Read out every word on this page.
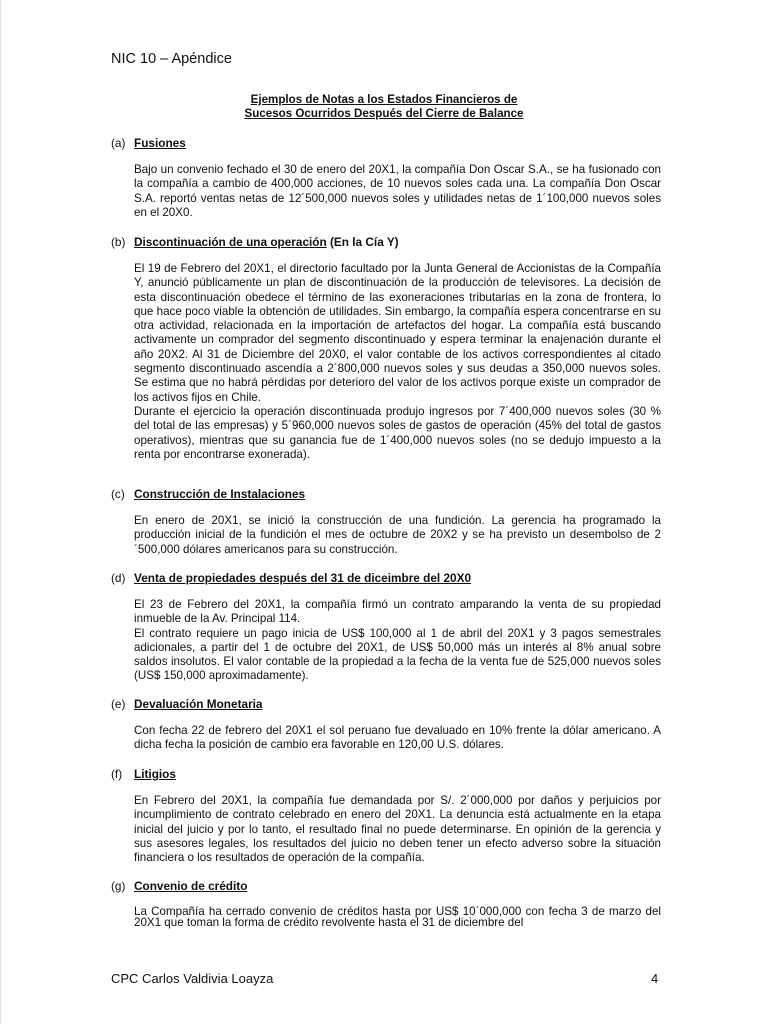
NIC 10 – Apéndice
Ejemplos de Notas a los Estados Financieros de
Sucesos Ocurridos Después del Cierre de Balance
(a) Fusiones

Bajo un convenio fechado el 30 de enero del 20X1, la compañía Don Oscar S.A., se ha fusionado con la compañía a cambio de 400,000 acciones, de 10 nuevos soles cada una. La compañía Don Oscar S.A. reportó ventas netas de 12´500,000 nuevos soles y utilidades netas de 1´100,000 nuevos soles en el 20X0.

(b) Discontinuación de una operación (En la Cía Y)

El 19 de Febrero del 20X1, el directorio facultado por la Junta General de Accionistas de la Compañía Y, anunció públicamente un plan de discontinuación de la producción de televisores. La decisión de esta discontinuación obedece el término de las exoneraciones tributarias en la zona de frontera, lo que hace poco viable la obtención de utilidades. Sin embargo, la compañía espera concentrarse en su otra actividad, relacionada en la importación de artefactos del hogar. La compañía está buscando activamente un comprador del segmento discontinuado y espera terminar la enajenación durante el año 20X2. Al 31 de Diciembre del 20X0, el valor contable de los activos correspondientes al citado segmento discontinuado ascendía a 2´800,000 nuevos soles y sus deudas a 350,000 nuevos soles. Se estima que no habrá pérdidas por deterioro del valor de los activos porque existe un comprador de los activos fijos en Chile.

Durante el ejercicio la operación discontinuada produjo ingresos por 7´400,000 nuevos soles (30 % del total de las empresas) y 5´960,000 nuevos soles de gastos de operación (45% del total de gastos operativos), mientras que su ganancia fue de 1´400,000 nuevos soles (no se dedujo impuesto a la renta por encontrarse exonerada).

(c) Construcción de Instalaciones

En enero de 20X1, se inició la construcción de una fundición. La gerencia ha programado la producción inicial de la fundición el mes de octubre de 20X2 y se ha previsto un desembolso de 2´500,000 dólares americanos para su construcción.

(d) Venta de propiedades después del 31 de diceimbre del 20X0

El 23 de Febrero del 20X1, la compañía firmó un contrato amparando la venta de su propiedad inmueble de la Av. Principal 114.

El contrato requiere un pago inicia de US$ 100,000 al 1 de abril del 20X1 y 3 pagos semestrales adicionales, a partir del 1 de octubre del 20X1, de US$ 50,000 más un interés al 8% anual sobre saldos insolutos. El valor contable de la propiedad a la fecha de la venta fue de 525,000 nuevos soles (US$ 150,000 aproximadamente).

(e) Devaluación Monetaria

Con fecha 22 de febrero del 20X1 el sol peruano fue devaluado en 10% frente la dólar americano. A dicha fecha la posición de cambio era favorable en 120,00 U.S. dólares.

(f) Litigios

En Febrero del 20X1, la compañía fue demandada por S/. 2´000,000 por daños y perjuicios por incumplimiento de contrato celebrado en enero del 20X1. La denuncia está actualmente en la etapa inicial del juicio y por lo tanto, el resultado final no puede determinarse. En opinión de la gerencia y sus asesores legales, los resultados del juicio no deben tener un efecto adverso sobre la situación financiera o los resultados de operación de la compañía.

(g) Convenio de crédito

La Compañía ha cerrado convenio de créditos hasta por US$ 10´000,000 con fecha 3 de marzo del 20X1 que toman la forma de crédito revolvente hasta el 31 de diciembre del

CPC Carlos Valdivia Loayza	4
